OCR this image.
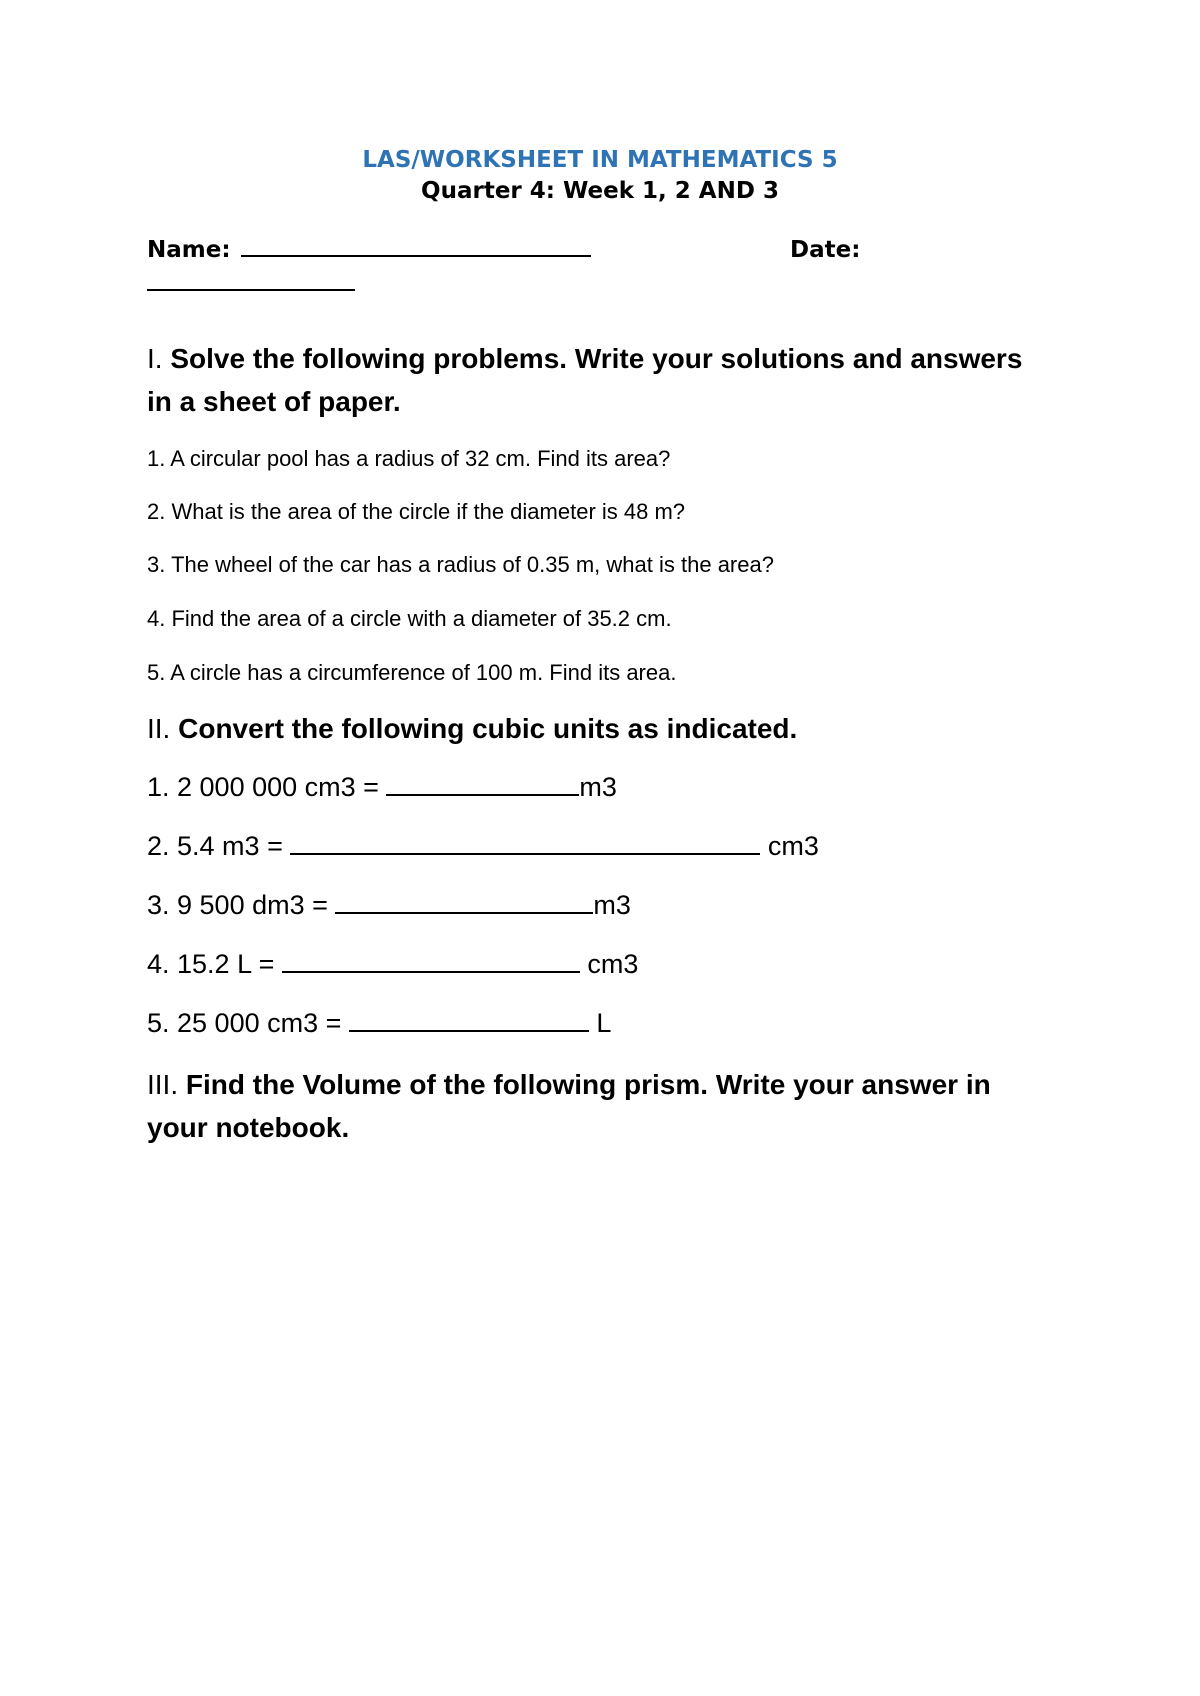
LAS/WORKSHEET IN MATHEMATICS 5
Quarter 4: Week 1, 2 AND 3
Name:	Date:
I. Solve the following problems. Write your solutions and answers in a sheet of paper.
1. A circular pool has a radius of 32 cm. Find its area?
2. What is the area of the circle if the diameter is 48 m?
3. The wheel of the car has a radius of 0.35 m, what is the area?
4. Find the area of a circle with a diameter of 35.2 cm.
5. A circle has a circumference of 100 m. Find its area.
II. Convert the following cubic units as indicated.
1. 2 000 000 cm3 =	m3
2. 5.4 m3 =	cm3
3. 9 500 dm3 =	m3
4. 15.2 L =	cm3
5. 25 000 cm3 =	L
III. Find the Volume of the following prism. Write your answer in your notebook.
